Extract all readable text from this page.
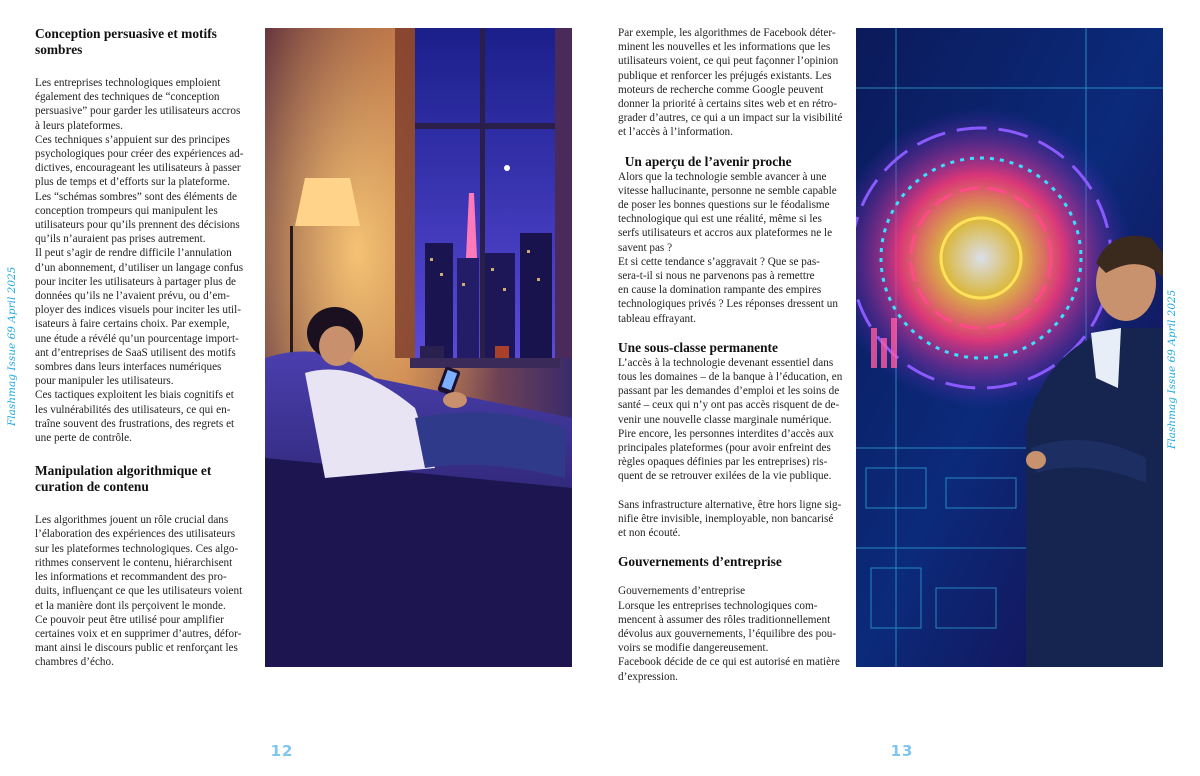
Flashmag Issue 69 April 2025
Conception persuasive et motifs
sombres

Les entreprises technologiques emploient
également des techniques de “conception
persuasive” pour garder les utilisateurs accros
à leurs plateformes.
Ces techniques s’appuient sur des principes
psychologiques pour créer des expériences ad-
dictives, encourageant les utilisateurs à passer
plus de temps et d’efforts sur la plateforme.
Les “schémas sombres” sont des éléments de
conception trompeurs qui manipulent les
utilisateurs pour qu’ils prennent des décisions
qu’ils n’auraient pas prises autrement.
Il peut s’agir de rendre difficile l’annulation
d’un abonnement, d’utiliser un langage confus
pour inciter les utilisateurs à partager plus de
données qu’ils ne l’avaient prévu, ou d’em-
ployer des indices visuels pour inciter les util-
isateurs à faire certains choix. Par exemple,
une étude a révélé qu’un pourcentage import-
ant d’entreprises de SaaS utilisent des motifs
sombres dans leurs interfaces numériques
pour manipuler les utilisateurs.
Ces tactiques exploitent les biais cognitifs et
les vulnérabilités des utilisateurs, ce qui en-
traîne souvent des frustrations, des regrets et
une perte de contrôle.

Manipulation algorithmique et
curation de contenu

Les algorithmes jouent un rôle crucial dans
l’élaboration des expériences des utilisateurs
sur les plateformes technologiques. Ces algo-
rithmes conservent le contenu, hiérarchisent
les informations et recommandent des pro-
duits, influençant ce que les utilisateurs voient
et la manière dont ils perçoivent le monde.
Ce pouvoir peut être utilisé pour amplifier
certaines voix et en supprimer d’autres, défor-
mant ainsi le discours public et renforçant les
chambres d’écho.

12

Par exemple, les algorithmes de Facebook déter-
minent les nouvelles et les informations que les
utilisateurs voient, ce qui peut façonner l’opinion
publique et renforcer les préjugés existants. Les
moteurs de recherche comme Google peuvent
donner la priorité à certains sites web et en rétro-
grader d’autres, ce qui a un impact sur la visibilité
et l’accès à l’information.

Un aperçu de l’avenir proche

Alors que la technologie semble avancer à une
vitesse hallucinante, personne ne semble capable
de poser les bonnes questions sur le féodalisme
technologique qui est une réalité, même si les
serfs utilisateurs et accros aux plateformes ne le
savent pas ?
Et si cette tendance s’aggravait ? Que se pas-
sera-t-il si nous ne parvenons pas à remettre
en cause la domination rampante des empires
technologiques privés ? Les réponses dressent un
tableau effrayant.

Une sous-classe permanente

L’accès à la technologie devenant essentiel dans
tous les domaines – de la banque à l’éducation, en
passant par les demandes d’emploi et les soins de
santé – ceux qui n’y ont pas accès risquent de de-
venir une nouvelle classe marginale numérique.
Pire encore, les personnes interdites d’accès aux
principales plateformes (pour avoir enfreint des
règles opaques définies par les entreprises) ris-
quent de se retrouver exilées de la vie publique.

Sans infrastructure alternative, être hors ligne sig-
nifie être invisible, inemployable, non bancarisé
et non écouté.

Gouvernements d’entreprise

Gouvernements d’entreprise
Lorsque les entreprises technologiques com-
mencent à assumer des rôles traditionnellement
dévolus aux gouvernements, l’équilibre des pou-
voirs se modifie dangereusement.
Facebook décide de ce qui est autorisé en matière
d’expression.

Flashmag Issue 69 April 2025
13
